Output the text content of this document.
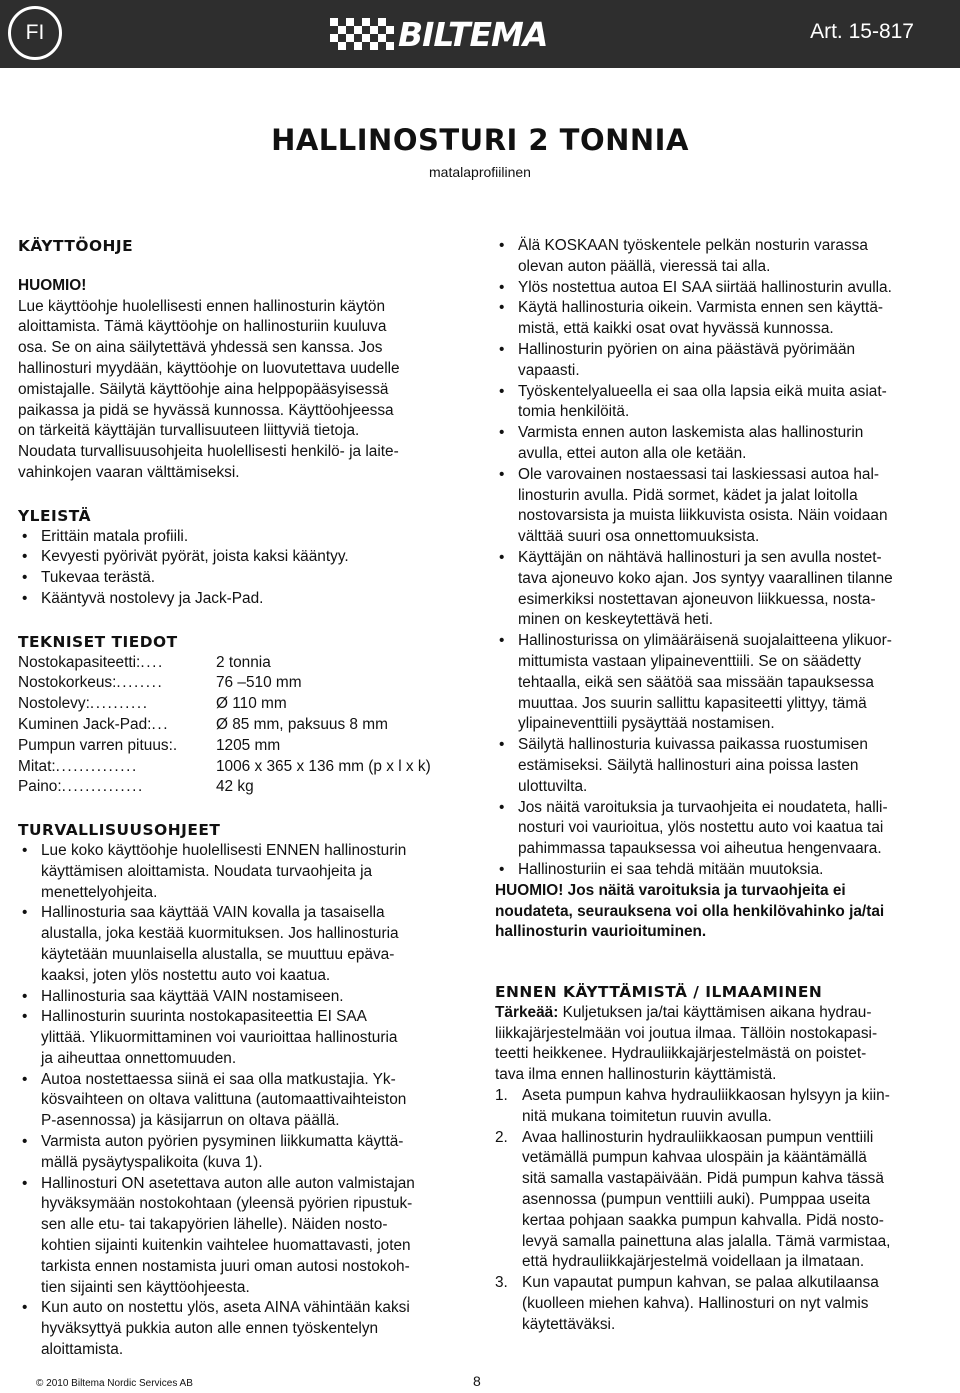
FI	BILTEMA	Art. 15-817
HALLINOSTURI 2 TONNIA
matalaprofiilinen
KÄYTTÖOHJE
HUOMIO!
Lue käyttöohje huolellisesti ennen hallinosturin käytön
aloittamista. Tämä käyttöohje on hallinosturiin kuuluva
osa. Se on aina säilytettävä yhdessä sen kanssa. Jos
hallinosturi myydään, käyttöohje on luovutettava uudelle
omistajalle. Säilytä käyttöohje aina helppopääsyisessä
paikassa ja pidä se hyvässä kunnossa. Käyttöohjeessa
on tärkeitä käyttäjän turvallisuuteen liittyviä tietoja.
Noudata turvallisuusohjeita huolellisesti henkilö- ja laite-
vahinkojen vaaran välttämiseksi.
YLEISTÄ
• Erittäin matala profiili.
• Kevyesti pyörivät pyörät, joista kaksi kääntyy.
• Tukevaa terästä.
• Kääntyvä nostolevy ja Jack-Pad.
TEKNISET TIEDOT
Nostokapasiteetti:....	2 tonnia
Nostokorkeus:........	76 –510 mm
Nostolevy:..........	Ø 110 mm
Kuminen Jack-Pad:...	Ø 85 mm, paksuus 8 mm
Pumpun varren pituus:.	1205 mm
Mitat:..............	1006 x 365 x 136 mm (p x l x k)
Paino:..............	42 kg
TURVALLISUUSOHJEET
• Lue koko käyttöohje huolellisesti ENNEN hallinosturin
käyttämisen aloittamista. Noudata turvaohjeita ja
menettelyohjeita.
• Hallinosturia saa käyttää VAIN kovalla ja tasaisella
alustalla, joka kestää kuormituksen. Jos hallinosturia
käytetään muunlaisella alustalla, se muuttuu epäva-
kaaksi, joten ylös nostettu auto voi kaatua.
• Hallinosturia saa käyttää VAIN nostamiseen.
• Hallinosturin suurinta nostokapasiteettia EI SAA
ylittää. Ylikuormittaminen voi vaurioittaa hallinosturia
ja aiheuttaa onnettomuuden.
• Autoa nostettaessa siinä ei saa olla matkustajia. Yk-
kösvaihteen on oltava valittuna (automaattivaihteiston
P-asennossa) ja käsijarrun on oltava päällä.
• Varmista auton pyörien pysyminen liikkumatta käyttä-
mällä pysäytyspalikoita (kuva 1).
• Hallinosturi ON asetettava auton alle auton valmistajan
hyväksymään nostokohtaan (yleensä pyörien ripustuk-
sen alle etu- tai takapyörien lähelle). Näiden nosto-
kohtien sijainti kuitenkin vaihtelee huomattavasti, joten
tarkista ennen nostamista juuri oman autosi nostokoh-
tien sijainti sen käyttöohjeesta.
• Kun auto on nostettu ylös, aseta AINA vähintään kaksi
hyväksyttyä pukkia auton alle ennen työskentelyn
aloittamista.
• Älä KOSKAAN työskentele pelkän nosturin varassa
olevan auton päällä, vieressä tai alla.
• Ylös nostettua autoa EI SAA siirtää hallinosturin avulla.
• Käytä hallinosturia oikein. Varmista ennen sen käyttä-
mistä, että kaikki osat ovat hyvässä kunnossa.
• Hallinosturin pyörien on aina päästävä pyörimään
vapaasti.
• Työskentelyalueella ei saa olla lapsia eikä muita asiat-
tomia henkilöitä.
• Varmista ennen auton laskemista alas hallinosturin
avulla, ettei auton alla ole ketään.
• Ole varovainen nostaessasi tai laskiessasi autoa hal-
linosturin avulla. Pidä sormet, kädet ja jalat loitolla
nostovarsista ja muista liikkuvista osista. Näin voidaan
välttää suuri osa onnettomuuksista.
• Käyttäjän on nähtävä hallinosturi ja sen avulla nostet-
tava ajoneuvo koko ajan. Jos syntyy vaarallinen tilanne
esimerkiksi nostettavan ajoneuvon liikkuessa, nosta-
minen on keskeytettävä heti.
• Hallinosturissa on ylimääräisenä suojalaitteena ylikuor-
mittumista vastaan ylipaineventtiili. Se on säädetty
tehtaalla, eikä sen säätöä saa missään tapauksessa
muuttaa. Jos suurin sallittu kapasiteetti ylittyy, tämä
ylipaineventtiili pysäyttää nostamisen.
• Säilytä hallinosturia kuivassa paikassa ruostumisen
estämiseksi. Säilytä hallinosturi aina poissa lasten
ulottuvilta.
• Jos näitä varoituksia ja turvaohjeita ei noudateta, halli-
nosturi voi vaurioitua, ylös nostettu auto voi kaatua tai
pahimmassa tapauksessa voi aiheutua hengenvaara.
• Hallinosturiin ei saa tehdä mitään muutoksia.
HUOMIO! Jos näitä varoituksia ja turvaohjeita ei
noudateta, seurauksena voi olla henkilövahinko ja/tai
hallinosturin vaurioituminen.
ENNEN KÄYTTÄMISTÄ / ILMAAMINEN
Tärkeää: Kuljetuksen ja/tai käyttämisen aikana hydrau-
liikkajärjestelmään voi joutua ilmaa. Tällöin nostokapasi-
teetti heikkenee. Hydrauliikkajärjestelmästä on poistet-
tava ilma ennen hallinosturin käyttämistä.
1. Aseta pumpun kahva hydrauliikkaosan hylsyyn ja kiin-
nitä mukana toimitetun ruuvin avulla.
2. Avaa hallinosturin hydrauliikkaosan pumpun venttiili
vetämällä pumpun kahvaa ulospäin ja kääntämällä
sitä samalla vastapäivään. Pidä pumpun kahva tässä
asennossa (pumpun venttiili auki). Pumppaa useita
kertaa pohjaan saakka pumpun kahvalla. Pidä nosto-
levyä samalla painettuna alas jalalla. Tämä varmistaa,
että hydrauliikkajärjestelmä voidellaan ja ilmataan.
3. Kun vapautat pumpun kahvan, se palaa alkutilaansa
(kuolleen miehen kahva). Hallinosturi on nyt valmis
käytettäväksi.
© 2010 Biltema Nordic Services AB	8
